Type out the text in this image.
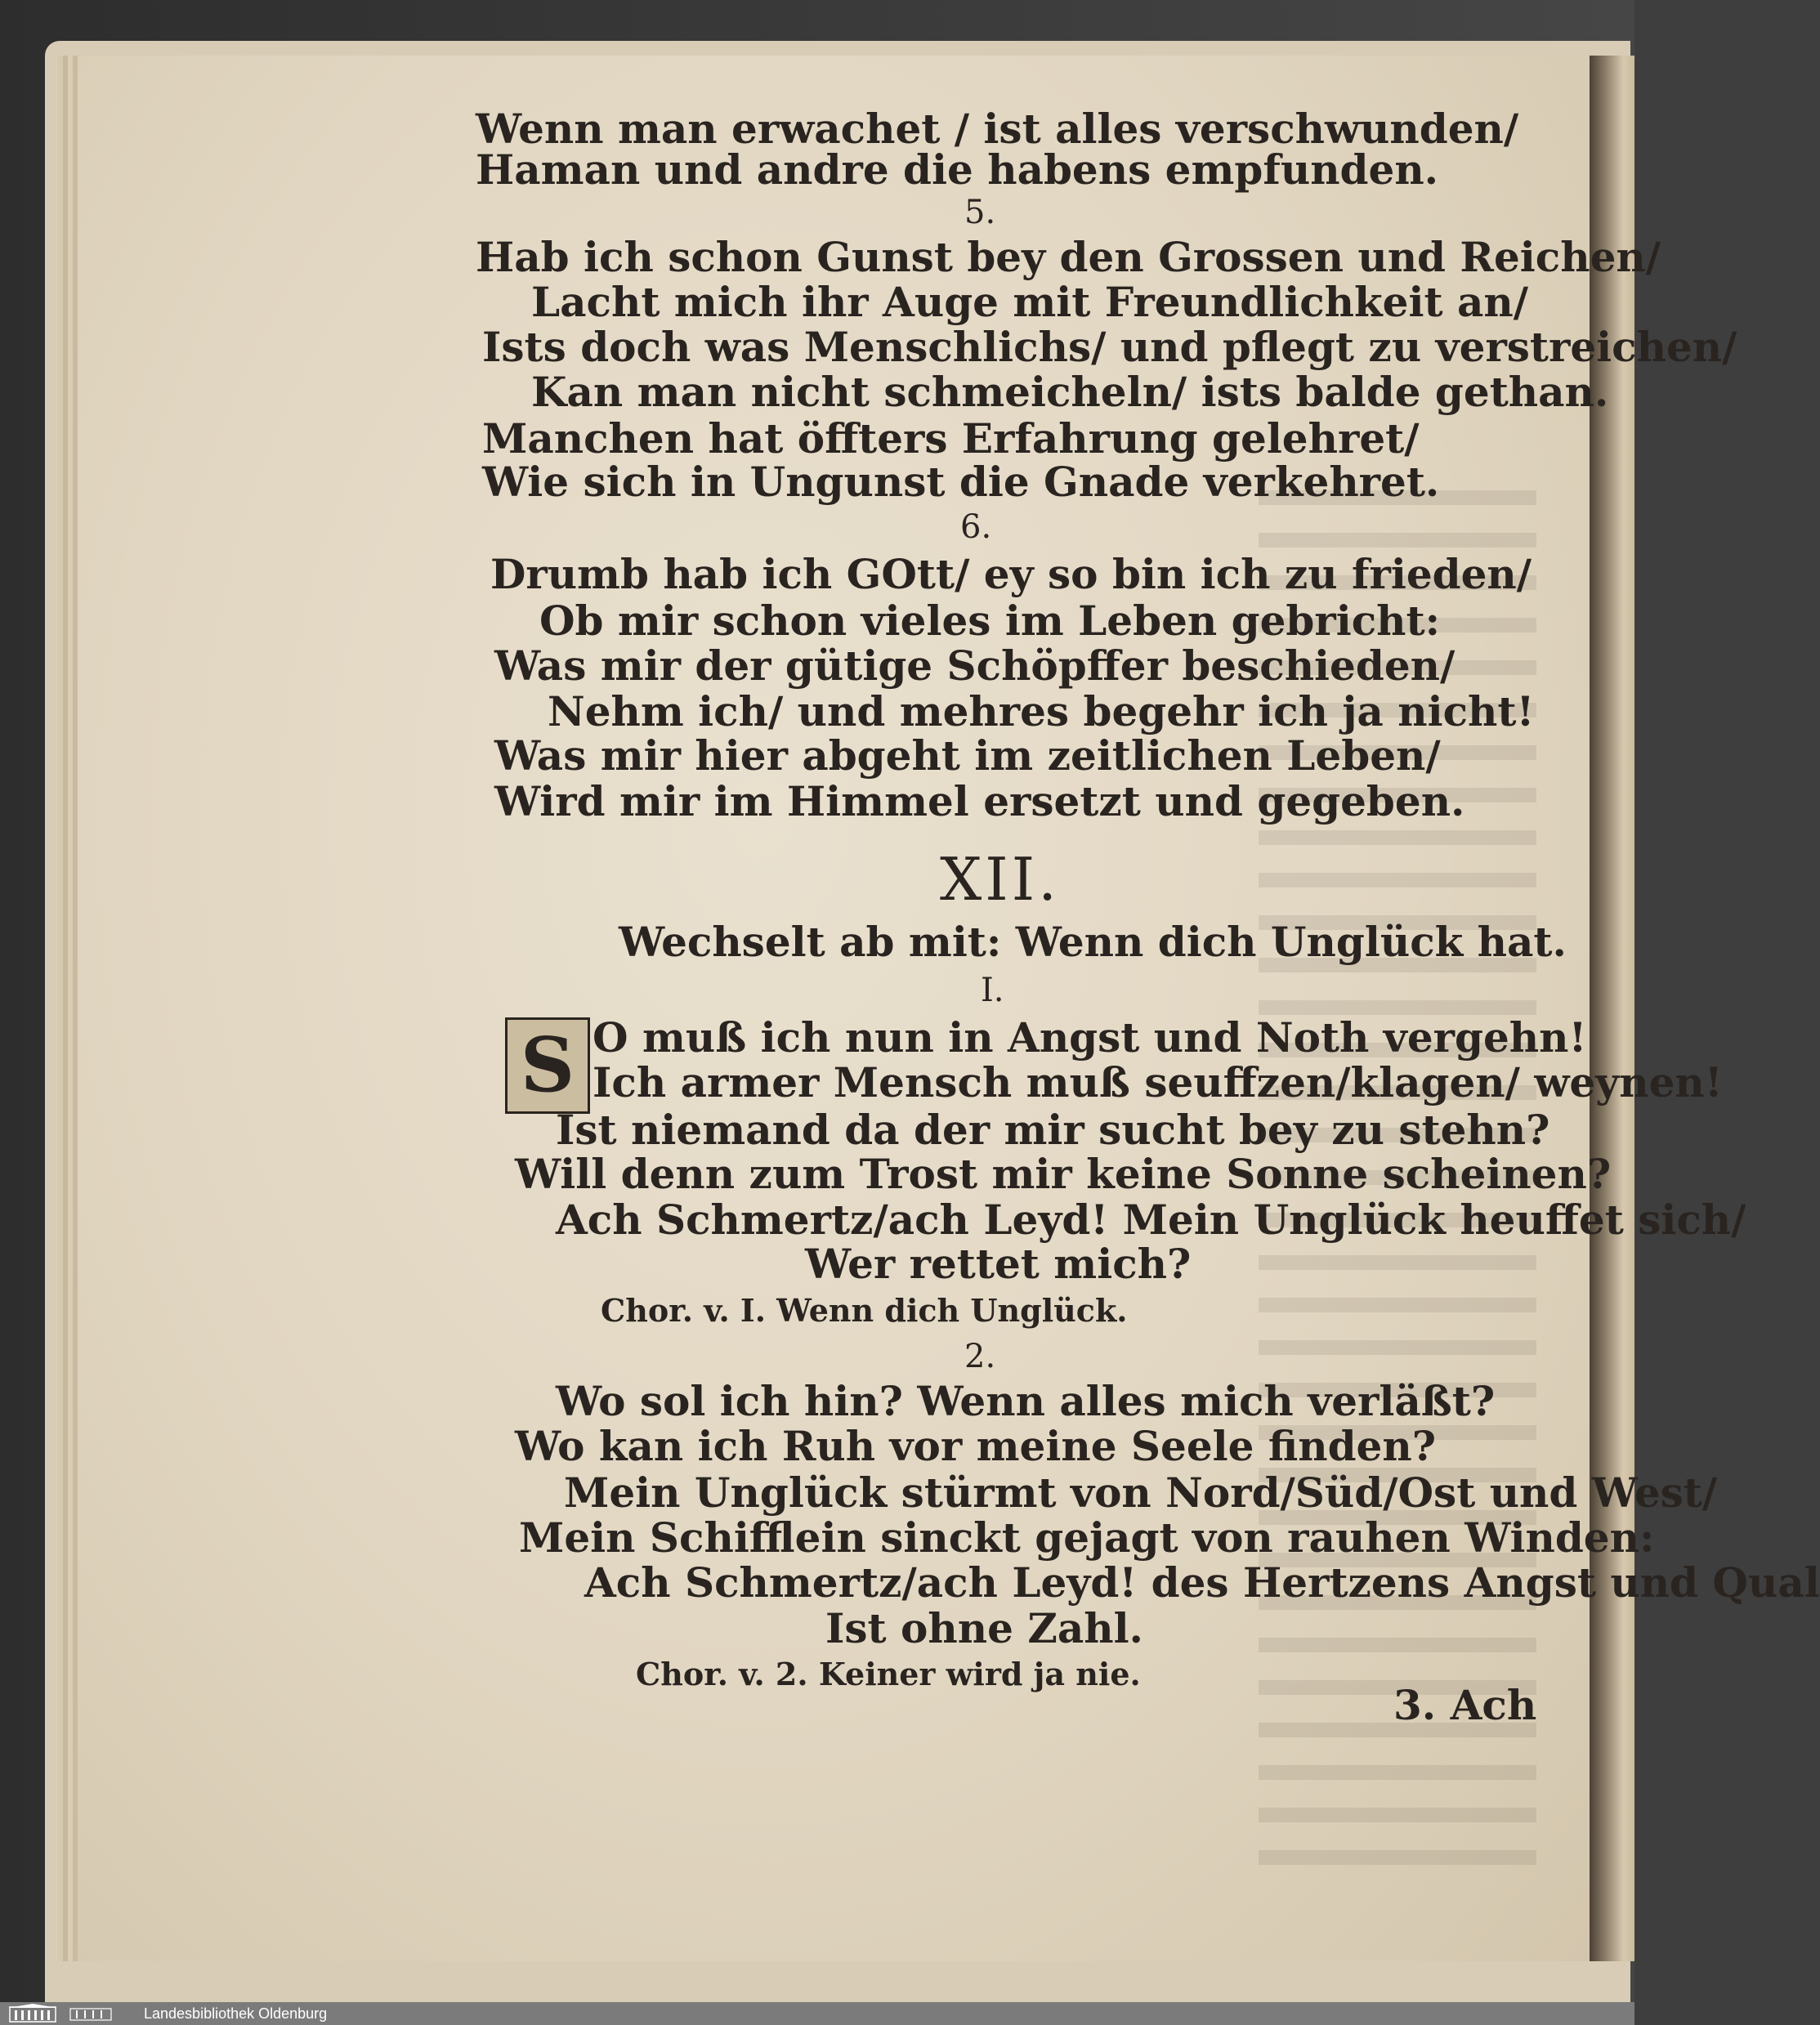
Wenn man erwachet / ist alles verschwunden/
Haman und andre die habens empfunden.
5.
Hab ich schon Gunst bey den Grossen und Reichen/
Lacht mich ihr Auge mit Freundlichkeit an/
Ists doch was Menschlichs/ und pflegt zu verstreichen/
Kan man nicht schmeicheln/ ists balde gethan.
Manchen hat öffters Erfahrung gelehret/
Wie sich in Ungunst die Gnade verkehret.
6.
Drumb hab ich GOtt/ ey so bin ich zu frieden/
Ob mir schon vieles im Leben gebricht:
Was mir der gütige Schöpffer beschieden/
Nehm ich/ und mehres begehr ich ja nicht!
Was mir hier abgeht im zeitlichen Leben/
Wird mir im Himmel ersetzt und gegeben.
XII.
Wechselt ab mit: Wenn dich Unglück hat.
I.
S O muß ich nun in Angst und Noth vergehn!
Ich armer Mensch muß seuffzen/klagen/ weynen!
Ist niemand da der mir sucht bey zu stehn?
Will denn zum Trost mir keine Sonne scheinen?
Ach Schmertz/ach Leyd! Mein Unglück heuffet sich/
Wer rettet mich?
Chor. v. I. Wenn dich Unglück.
2.
Wo sol ich hin? Wenn alles mich verläßt?
Wo kan ich Ruh vor meine Seele finden?
Mein Unglück stürmt von Nord/Süd/Ost und West/
Mein Schifflein sinckt gejagt von rauhen Winden:
Ach Schmertz/ach Leyd! des Hertzens Angst und Qual
Ist ohne Zahl.
Chor. v. 2. Keiner wird ja nie.
3. Ach
Landesbibliothek Oldenburg
